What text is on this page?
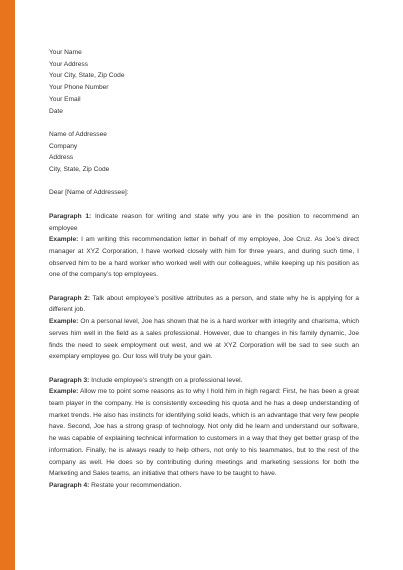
Your Name
Your Address
Your City, State, Zip Code
Your Phone Number
Your Email
Date
Name of Addressee
Company
Address
City, State, Zip Code
Dear [Name of Addressee]:
Paragraph 1: Indicate reason for writing and state why you are in the position to recommend an employee
Example: I am writing this recommendation letter in behalf of my employee, Joe Cruz. As Joe’s direct manager at XYZ Corporation, I have worked closely with him for three years, and during such time, I observed him to be a hard worker who worked well with our colleagues, while keeping up his position as one of the company’s top employees.
Paragraph 2: Talk about employee’s positive attributes as a person, and state why he is applying for a different job.
Example: On a personal level, Joe has shown that he is a hard worker with integrity and charisma, which serves him well in the field as a sales professional. However, due to changes in his family dynamic, Joe finds the need to seek employment out west, and we at XYZ Corporation will be sad to see such an exemplary employee go. Our loss will truly be your gain.
Paragraph 3: Include employee’s strength on a professional level.
Example: Allow me to point some reasons as to why I hold him in high regard: First, he has been a great team player in the company. He is consistently exceeding his quota and he has a deep understanding of market trends. He also has instincts for identifying solid leads, which is an advantage that very few people have. Second, Joe has a strong grasp of technology. Not only did he learn and understand our software, he was capable of explaining technical information to customers in a way that they get better grasp of the information. Finally, he is always ready to help others, not only to his teammates, but to the rest of the company as well. He does so by contributing during meetings and marketing sessions for both the Marketing and Sales teams, an initiative that others have to be taught to have.
Paragraph 4: Restate your recommendation.
